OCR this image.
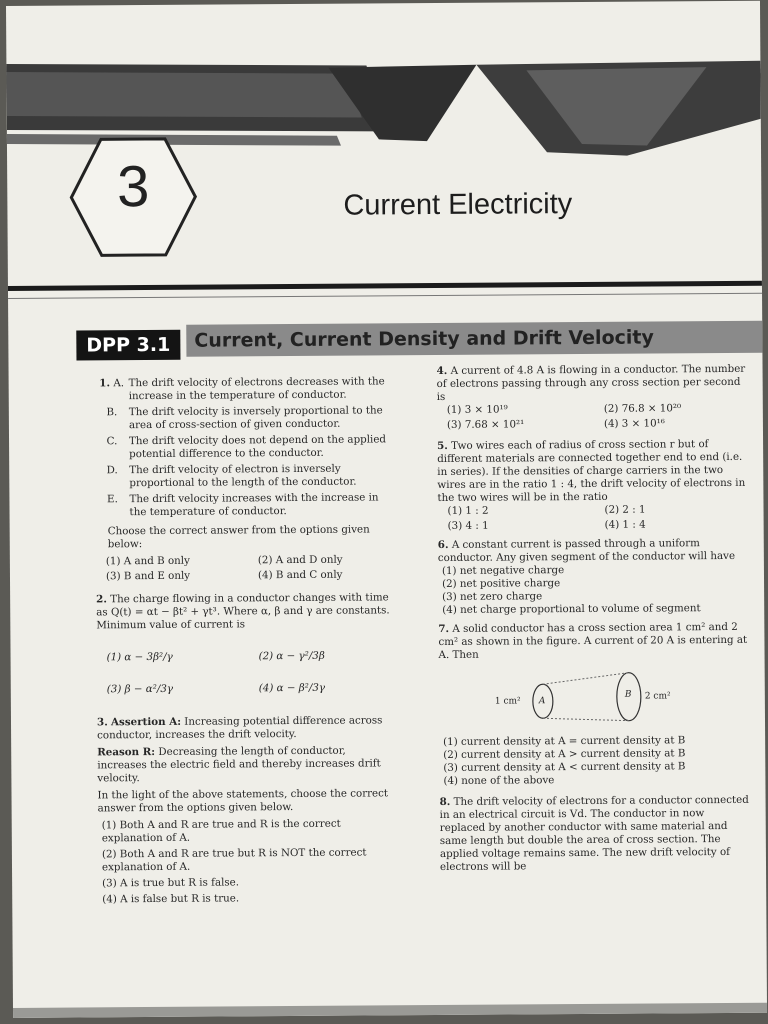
3	Current Electricity
DPP 3.1	Current, Current Density and Drift Velocity
1. A. The drift velocity of electrons decreases with the increase in the temperature of conductor.
B.	The drift velocity is inversely proportional to the area of cross-section of given conductor.
C.	The drift velocity does not depend on the applied potential difference to the conductor.
D.	The drift velocity of electron is inversely proportional to the length of the conductor.
E.	The drift velocity increases with the increase in the temperature of conductor.
Choose the correct answer from the options given below:
(1) A and B only	(2) A and D only
(3) B and E only	(4) B and C only
2. The charge flowing in a conductor changes with time as Q(t) = αt − βt² + γt³. Where α, β and γ are constants. Minimum value of current is
(1) α − 3β²/γ	(2) α − γ²/3β
(3) β − α²/3γ	(4) α − β²/3γ
3. Assertion A: Increasing potential difference across conductor, increases the drift velocity.
Reason R: Decreasing the length of conductor, increases the electric field and thereby increases drift velocity.
In the light of the above statements, choose the correct answer from the options given below.
(1) Both A and R are true and R is the correct explanation of A.
(2) Both A and R are true but R is NOT the correct explanation of A.
(3) A is true but R is false.
(4) A is false but R is true.
4. A current of 4.8 A is flowing in a conductor. The number of electrons passing through any cross section per second is
(1) 3 × 10¹⁹	(2) 76.8 × 10²⁰
(3) 7.68 × 10²¹	(4) 3 × 10¹⁶
5. Two wires each of radius of cross section r but of different materials are connected together end to end (i.e. in series). If the densities of charge carriers in the two wires are in the ratio 1 : 4, the drift velocity of electrons in the two wires will be in the ratio
(1) 1 : 2	(2) 2 : 1
(3) 4 : 1	(4) 1 : 4
6. A constant current is passed through a uniform conductor. Any given segment of the conductor will have
(1) net negative charge
(2) net positive charge
(3) net zero charge
(4) net charge proportional to volume of segment
7. A solid conductor has a cross section area 1 cm² and 2 cm² as shown in the figure. A current of 20 A is entering at A. Then
1 cm² A
B 2 cm²
(1) current density at A = current density at B
(2) current density at A > current density at B
(3) current density at A < current density at B
(4) none of the above
8. The drift velocity of electrons for a conductor connected in an electrical circuit is Vd. The conductor in now replaced by another conductor with same material and same length but double the area of cross section. The applied voltage remains same. The new drift velocity of electrons will be
